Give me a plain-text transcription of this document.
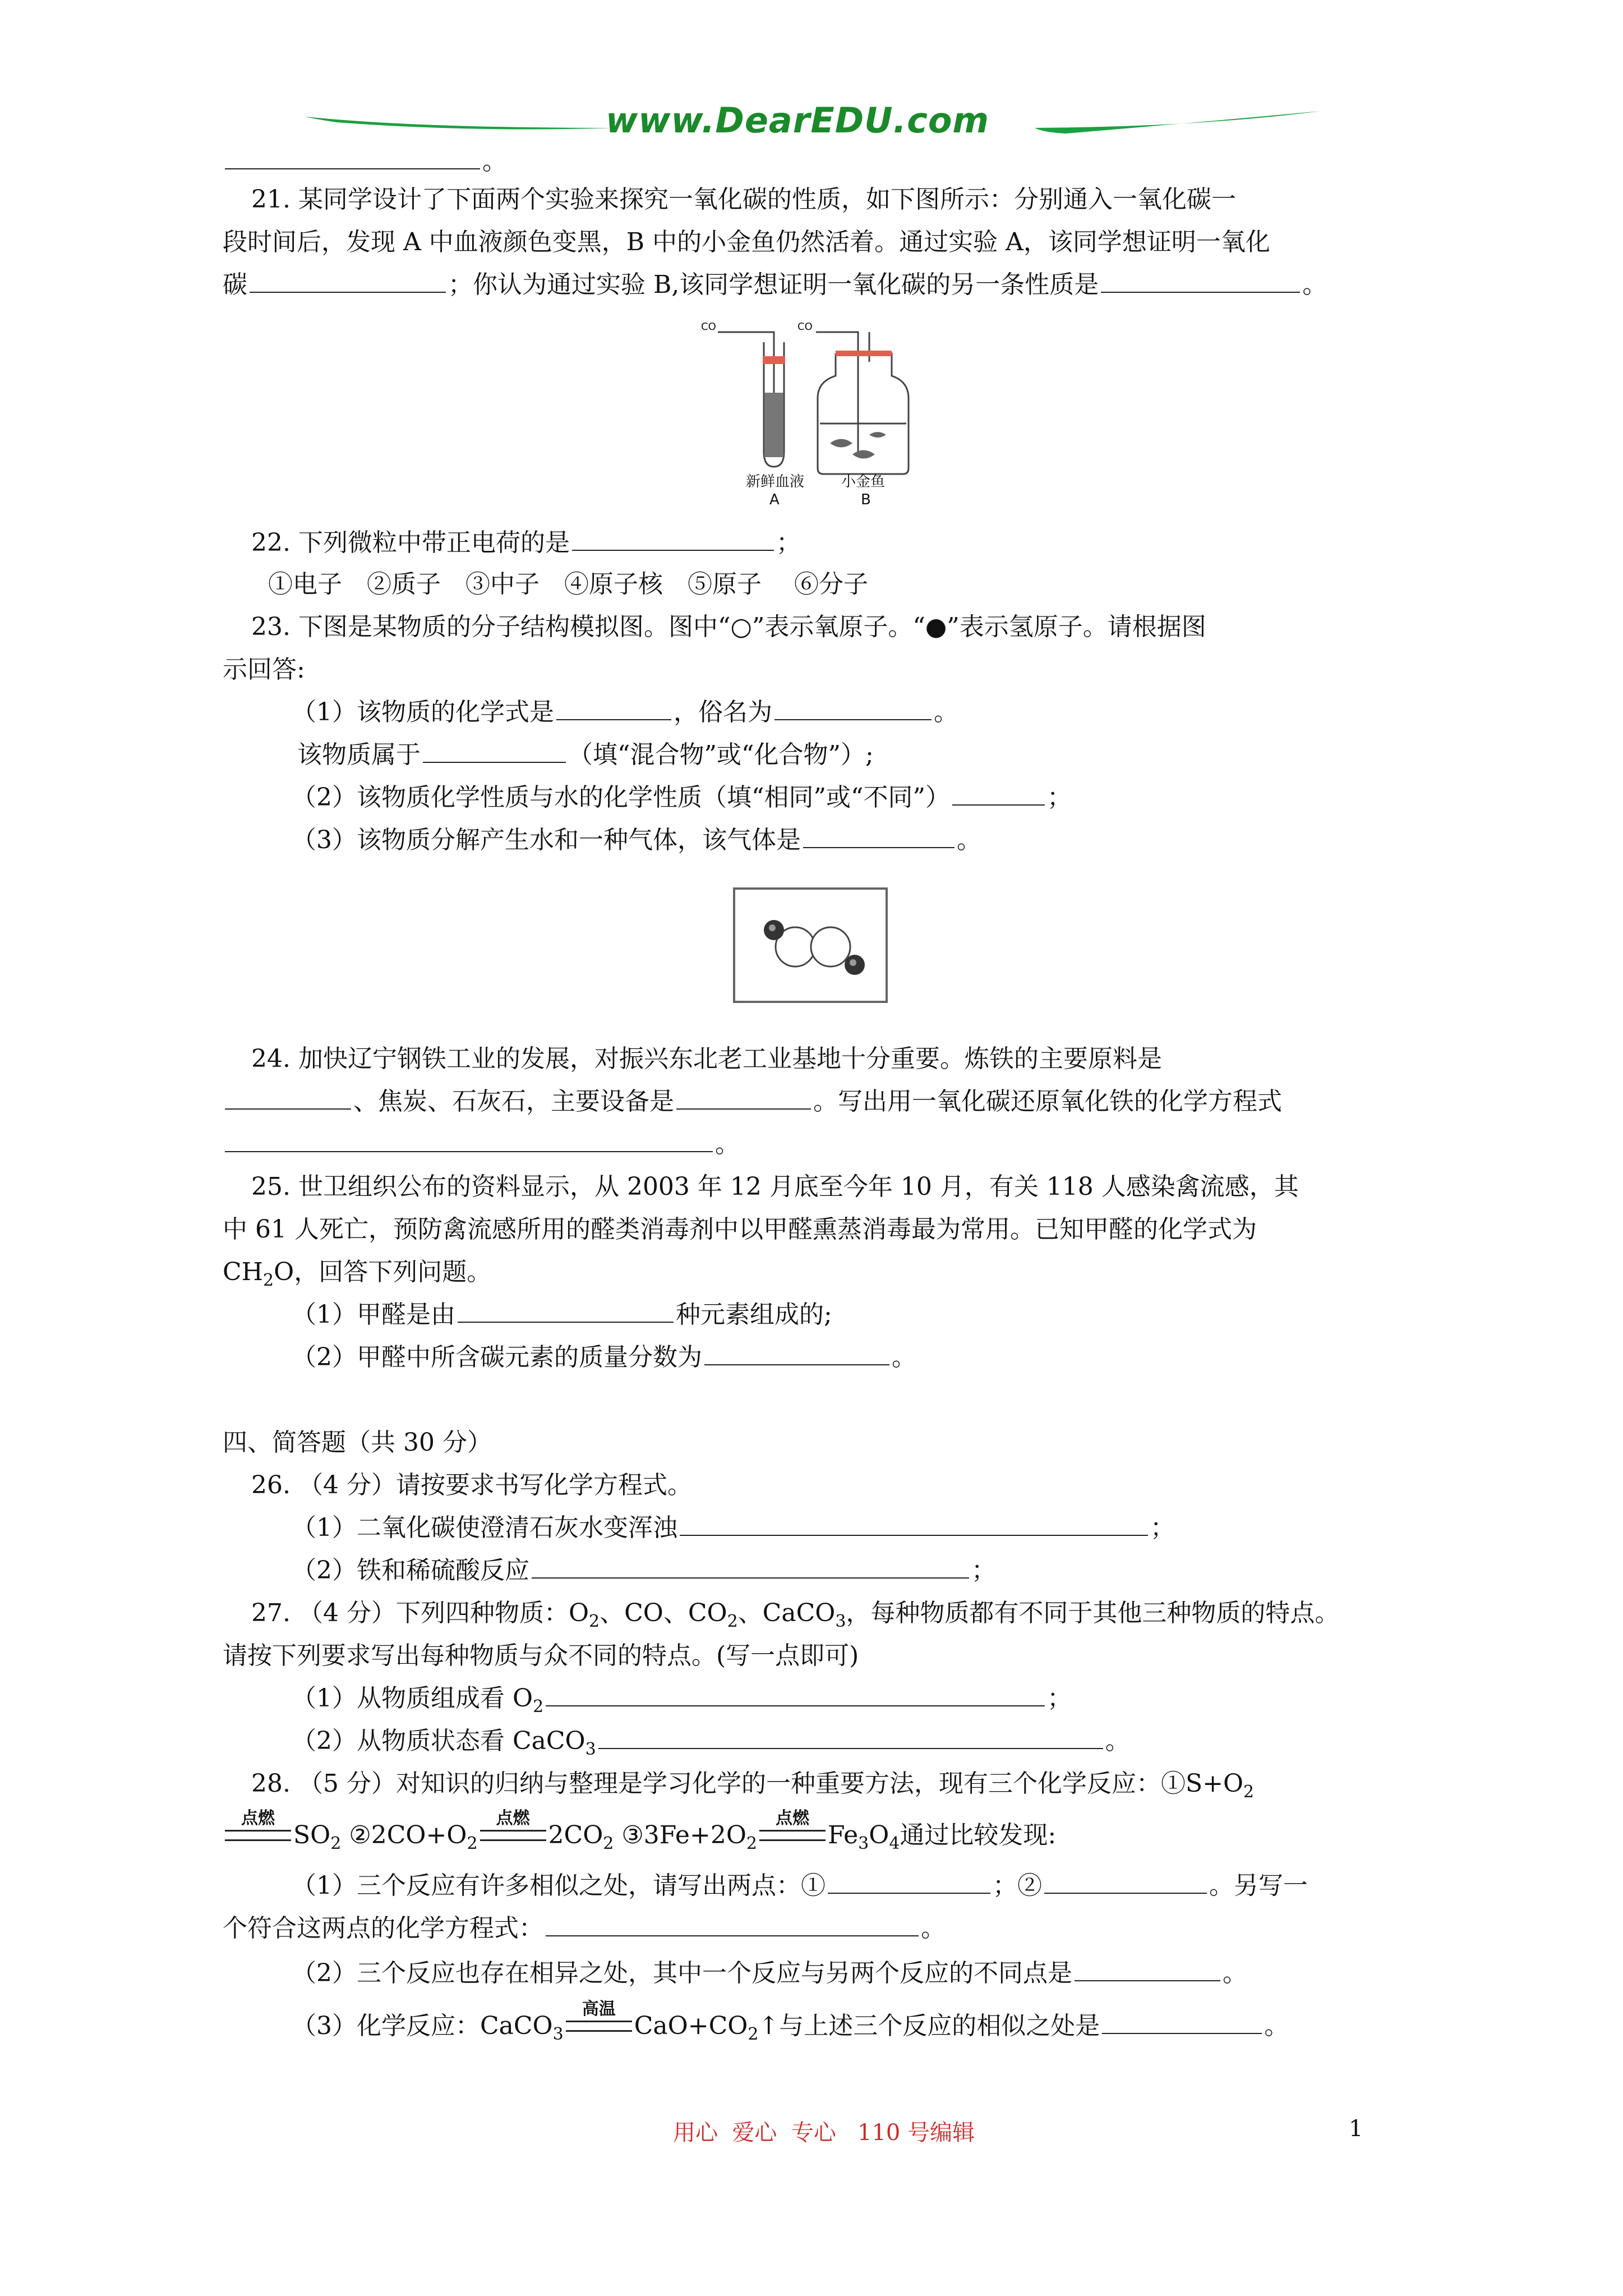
www.DearEDU.com
。
21. 某同学设计了下面两个实验来探究一氧化碳的性质，如下图所示：分别通入一氧化碳一
段时间后，发现 A 中血液颜色变黑，B 中的小金鱼仍然活着。通过实验 A，该同学想证明一氧化
碳	；你认为通过实验 B,该同学想证明一氧化碳的另一条性质是	。
CO	CO
新鲜血液	小金鱼
A	B
22. 下列微粒中带正电荷的是	；
①电子　②质子　③中子　④原子核　⑤原子　 ⑥分子
23. 下图是某物质的分子结构模拟图。图中“○”表示氧原子。“●”表示氢原子。请根据图
示回答:
（1）该物质的化学式是	，俗名为	。
该物质属于	（填“混合物”或“化合物”）;
（2）该物质化学性质与水的化学性质（填“相同”或“不同”）	；
（3）该物质分解产生水和一种气体，该气体是	。
24. 加快辽宁钢铁工业的发展，对振兴东北老工业基地十分重要。炼铁的主要原料是
、焦炭、石灰石，主要设备是	。写出用一氧化碳还原氧化铁的化学方程式
。
25. 世卫组织公布的资料显示，从 2003 年 12 月底至今年 10 月，有关 118 人感染禽流感，其
中 61 人死亡，预防禽流感所用的醛类消毒剂中以甲醛熏蒸消毒最为常用。已知甲醛的化学式为
$CH_2O$，回答下列问题。
（1）甲醛是由	种元素组成的;
（2）甲醛中所含碳元素的质量分数为	。
四、简答题（共 30 分）
26. （4 分）请按要求书写化学方程式。
（1）二氧化碳使澄清石灰水变浑浊	；
（2）铁和稀硫酸反应	；
27. （4 分）下列四种物质：$O_2$、CO、$CO_2$、CaCO$_3$，每种物质都有不同于其他三种物质的特点。
请按下列要求写出每种物质与众不同的特点。(写一点即可)
（1）从物质组成看 $O_2$	；
（2）从物质状态看 CaCO$_3$	。
28. （5 分）对知识的归纳与整理是学习化学的一种重要方法，现有三个化学反应：$①S+O_2$
点燃
$SO_2$ $②2CO+O_2$
点燃
$2CO_2$ $③3Fe+2O_2$
点燃
$Fe_3O_4$通过比较发现:
（1）三个反应有许多相似之处，请写出两点：①	；②	。另写一
个符合这两点的化学方程式：	。
（2）三个反应也存在相异之处，其中一个反应与另两个反应的不同点是	。
（3）化学反应：CaCO$_3$
高温
$CaO+CO_2↑$与上述三个反应的相似之处是	。
用心  爱心  专心   110 号编辑	1
